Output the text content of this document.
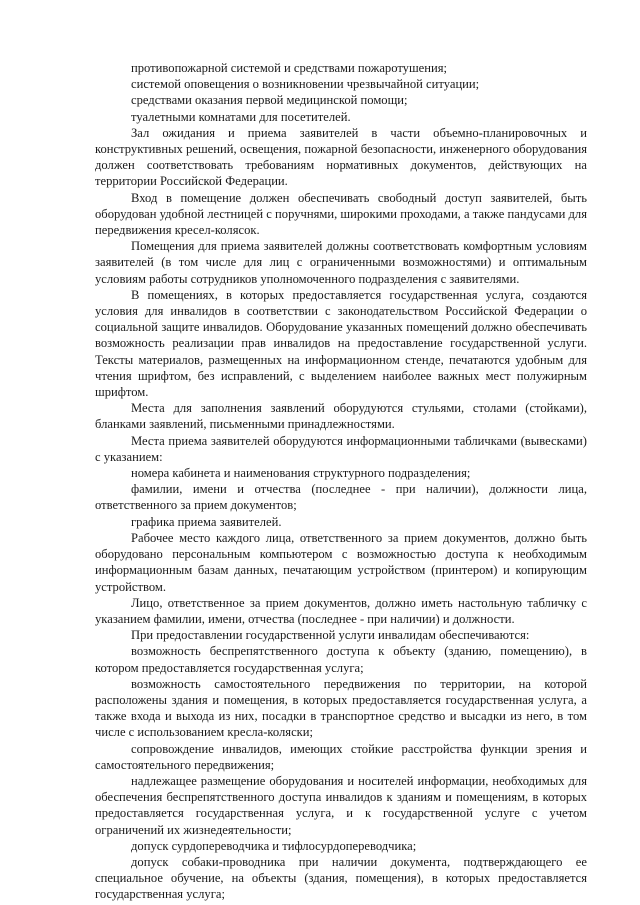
противопожарной системой и средствами пожаротушения;

системой оповещения о возникновении чрезвычайной ситуации;

средствами оказания первой медицинской помощи;

туалетными комнатами для посетителей.

Зал ожидания и приема заявителей в части объемно-планировочных и конструктивных решений, освещения, пожарной безопасности, инженерного оборудования должен соответствовать требованиям нормативных документов, действующих на территории Российской Федерации.

Вход в помещение должен обеспечивать свободный доступ заявителей, быть оборудован удобной лестницей с поручнями, широкими проходами, а также пандусами для передвижения кресел-колясок.

Помещения для приема заявителей должны соответствовать комфортным условиям заявителей (в том числе для лиц с ограниченными возможностями) и оптимальным условиям работы сотрудников уполномоченного подразделения с заявителями.

В помещениях, в которых предоставляется государственная услуга, создаются условия для инвалидов в соответствии с законодательством Российской Федерации о социальной защите инвалидов. Оборудование указанных помещений должно обеспечивать возможность реализации прав инвалидов на предоставление государственной услуги. Тексты материалов, размещенных на информационном стенде, печатаются удобным для чтения шрифтом, без исправлений, с выделением наиболее важных мест полужирным шрифтом.

Места для заполнения заявлений оборудуются стульями, столами (стойками), бланками заявлений, письменными принадлежностями.

Места приема заявителей оборудуются информационными табличками (вывесками) с указанием:

номера кабинета и наименования структурного подразделения;

фамилии, имени и отчества (последнее - при наличии), должности лица, ответственного за прием документов;

графика приема заявителей.

Рабочее место каждого лица, ответственного за прием документов, должно быть оборудовано персональным компьютером с возможностью доступа к необходимым информационным базам данных, печатающим устройством (принтером) и копирующим устройством.

Лицо, ответственное за прием документов, должно иметь настольную табличку с указанием фамилии, имени, отчества (последнее - при наличии) и должности.

При предоставлении государственной услуги инвалидам обеспечиваются:

возможность беспрепятственного доступа к объекту (зданию, помещению), в котором предоставляется государственная услуга;

возможность самостоятельного передвижения по территории, на которой расположены здания и помещения, в которых предоставляется государственная услуга, а также входа и выхода из них, посадки в транспортное средство и высадки из него, в том числе с использованием кресла-коляски;

сопровождение инвалидов, имеющих стойкие расстройства функции зрения и самостоятельного передвижения;

надлежащее размещение оборудования и носителей информации, необходимых для обеспечения беспрепятственного доступа инвалидов к зданиям и помещениям, в которых предоставляется государственная услуга, и к государственной услуге с учетом ограничений их жизнедеятельности;

допуск сурдопереводчика и тифлосурдопереводчика;

допуск собаки-проводника при наличии документа, подтверждающего ее специальное обучение, на объекты (здания, помещения), в которых предоставляется государственная услуга;
